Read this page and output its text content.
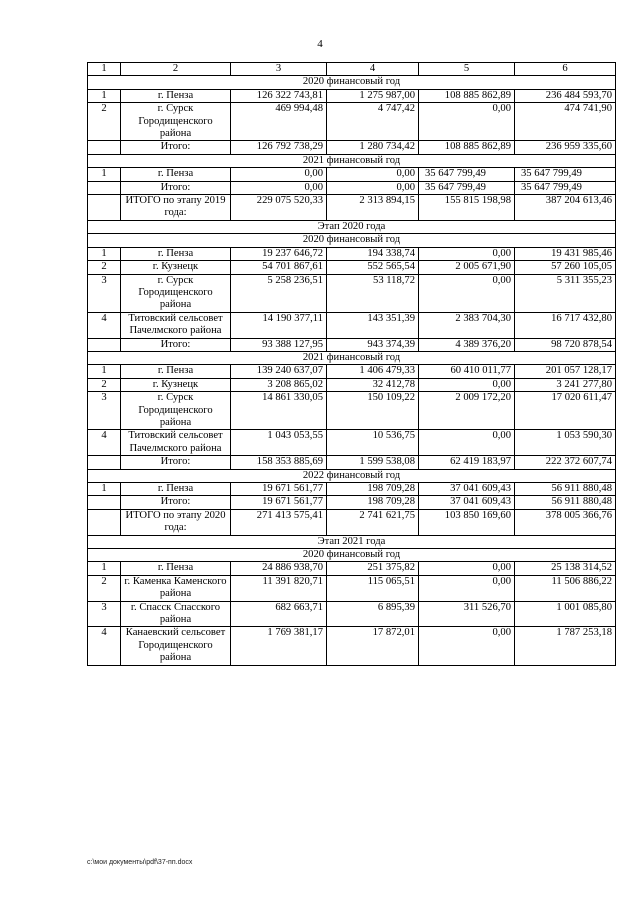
4
1	2	3	4	5	6
2020 финансовый год					
1	г. Пенза	126 322 743,81	1 275 987,00	108 885 862,89	236 484 593,70
2	г. Сурск Городищенского района	469 994,48	4 747,42	0,00	474 741,90
	Итого:	126 792 738,29	1 280 734,42	108 885 862,89	236 959 335,60
2021 финансовый год					
1	г. Пенза	0,00	0,00	35 647 799,49	35 647 799,49
	Итого:	0,00	0,00	35 647 799,49	35 647 799,49
	ИТОГО по этапу 2019 года:	229 075 520,33	2 313 894,15	155 815 198,98	387 204 613,46
Этап 2020 года					
2020 финансовый год					
1	г. Пенза	19 237 646,72	194 338,74	0,00	19 431 985,46
2	г. Кузнецк	54 701 867,61	552 565,54	2 005 671,90	57 260 105,05
3	г. Сурск Городищенского района	5 258 236,51	53 118,72	0,00	5 311 355,23
4	Титовский сельсовет Пачелмского района	14 190 377,11	143 351,39	2 383 704,30	16 717 432,80
	Итого:	93 388 127,95	943 374,39	4 389 376,20	98 720 878,54
2021 финансовый год					
1	г. Пенза	139 240 637,07	1 406 479,33	60 410 011,77	201 057 128,17
2	г. Кузнецк	3 208 865,02	32 412,78	0,00	3 241 277,80
3	г. Сурск Городищенского района	14 861 330,05	150 109,22	2 009 172,20	17 020 611,47
4	Титовский сельсовет Пачелмского района	1 043 053,55	10 536,75	0,00	1 053 590,30
	Итого:	158 353 885,69	1 599 538,08	62 419 183,97	222 372 607,74
2022 финансовый год					
1	г. Пенза	19 671 561,77	198 709,28	37 041 609,43	56 911 880,48
	Итого:	19 671 561,77	198 709,28	37 041 609,43	56 911 880,48
	ИТОГО по этапу 2020 года:	271 413 575,41	2 741 621,75	103 850 169,60	378 005 366,76
Этап 2021 года					
2020 финансовый год					
1	г. Пенза	24 886 938,70	251 375,82	0,00	25 138 314,52
2	г. Каменка Каменского района	11 391 820,71	115 065,51	0,00	11 506 886,22
3	г. Спасск Спасского района	682 663,71	6 895,39	311 526,70	1 001 085,80
4	Канаевский сельсовет Городищенского района	1 769 381,17	17 872,01	0,00	1 787 253,18
c:\мои документы\pdf\37-пп.docx
